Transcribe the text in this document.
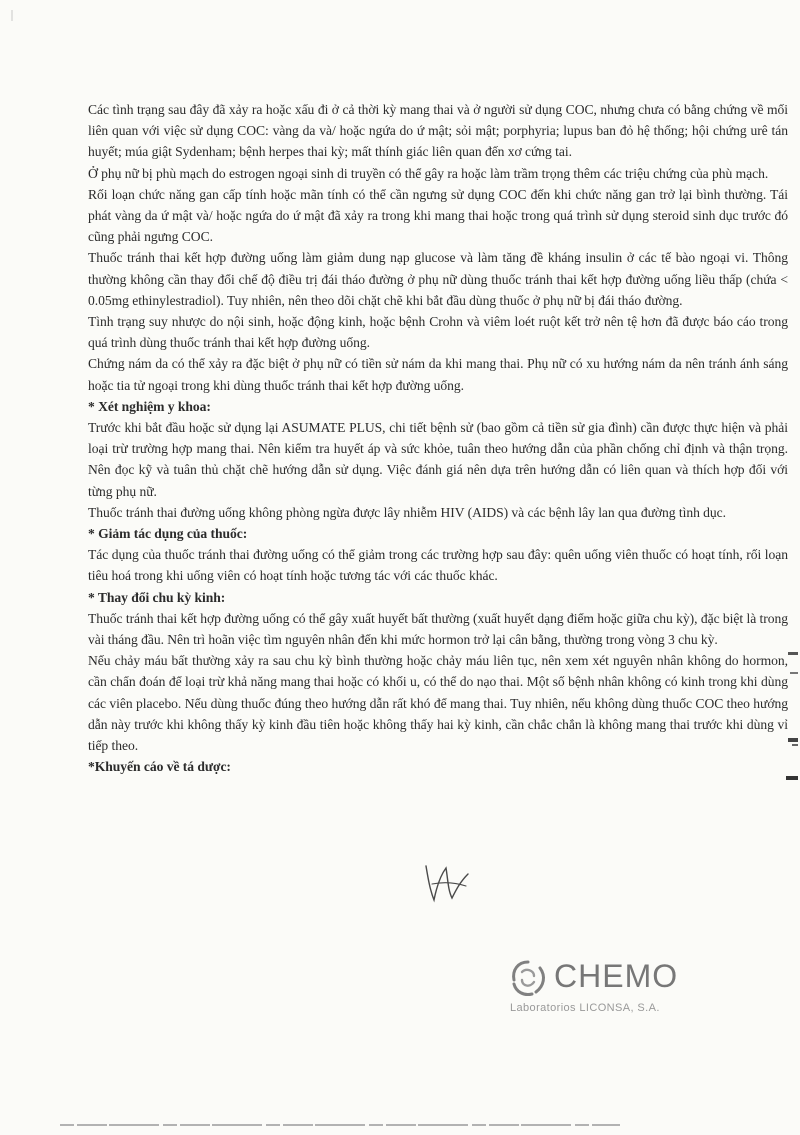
Các tình trạng sau đây đã xảy ra hoặc xấu đi ở cả thời kỳ mang thai và ở người sử dụng COC, nhưng chưa có bằng chứng về mối liên quan với việc sử dụng COC: vàng da và/ hoặc ngứa do ứ mật; sỏi mật; porphyria; lupus ban đỏ hệ thống; hội chứng urê tán huyết; múa giật Sydenham; bệnh herpes thai kỳ; mất thính giác liên quan đến xơ cứng tai.

Ở phụ nữ bị phù mạch do estrogen ngoại sinh di truyền có thể gây ra hoặc làm trầm trọng thêm các triệu chứng của phù mạch.

Rối loạn chức năng gan cấp tính hoặc mãn tính có thể cần ngưng sử dụng COC đến khi chức năng gan trở lại bình thường. Tái phát vàng da ứ mật và/ hoặc ngứa do ứ mật đã xảy ra trong khi mang thai hoặc trong quá trình sử dụng steroid sinh dục trước đó cũng phải ngưng COC.

Thuốc tránh thai kết hợp đường uống làm giảm dung nạp glucose và làm tăng đề kháng insulin ở các tế bào ngoại vi. Thông thường không cần thay đổi chế độ điều trị đái tháo đường ở phụ nữ dùng thuốc tránh thai kết hợp đường uống liều thấp (chứa < 0.05mg ethinylestradiol). Tuy nhiên, nên theo dõi chặt chẽ khi bắt đầu dùng thuốc ở phụ nữ bị đái tháo đường.

Tình trạng suy nhược do nội sinh, hoặc động kinh, hoặc bệnh Crohn và viêm loét ruột kết trở nên tệ hơn đã được báo cáo trong quá trình dùng thuốc tránh thai kết hợp đường uống.

Chứng nám da có thể xảy ra đặc biệt ở phụ nữ có tiền sử nám da khi mang thai. Phụ nữ có xu hướng nám da nên tránh ánh sáng hoặc tia tử ngoại trong khi dùng thuốc tránh thai kết hợp đường uống.

* Xét nghiệm y khoa:

Trước khi bắt đầu hoặc sử dụng lại ASUMATE PLUS, chi tiết bệnh sử (bao gồm cả tiền sử gia đình) cần được thực hiện và phải loại trừ trường hợp mang thai. Nên kiểm tra huyết áp và sức khỏe, tuân theo hướng dẫn của phần chống chỉ định và thận trọng. Nên đọc kỹ và tuân thủ chặt chẽ hướng dẫn sử dụng. Việc đánh giá nên dựa trên hướng dẫn có liên quan và thích hợp đối với từng phụ nữ.

Thuốc tránh thai đường uống không phòng ngừa được lây nhiễm HIV (AIDS) và các bệnh lây lan qua đường tình dục.

* Giảm tác dụng của thuốc:

Tác dụng của thuốc tránh thai đường uống có thể giảm trong các trường hợp sau đây: quên uống viên thuốc có hoạt tính, rối loạn tiêu hoá trong khi uống viên có hoạt tính hoặc tương tác với các thuốc khác.

* Thay đổi chu kỳ kinh:

Thuốc tránh thai kết hợp đường uống có thể gây xuất huyết bất thường (xuất huyết dạng điểm hoặc giữa chu kỳ), đặc biệt là trong vài tháng đầu. Nên trì hoãn việc tìm nguyên nhân đến khi mức hormon trở lại cân bằng, thường trong vòng 3 chu kỳ.

Nếu chảy máu bất thường xảy ra sau chu kỳ bình thường hoặc chảy máu liên tục, nên xem xét nguyên nhân không do hormon, cần chẩn đoán để loại trừ khả năng mang thai hoặc có khối u, có thể do nạo thai. Một số bệnh nhân không có kinh trong khi dùng các viên placebo. Nếu dùng thuốc đúng theo hướng dẫn rất khó để mang thai. Tuy nhiên, nếu không dùng thuốc COC theo hướng dẫn này trước khi không thấy kỳ kinh đầu tiên hoặc không thấy hai kỳ kinh, cần chắc chắn là không mang thai trước khi dùng vỉ tiếp theo.

*Khuyến cáo về tá dược:

CHEMO
Laboratorios LICONSA, S.A.
